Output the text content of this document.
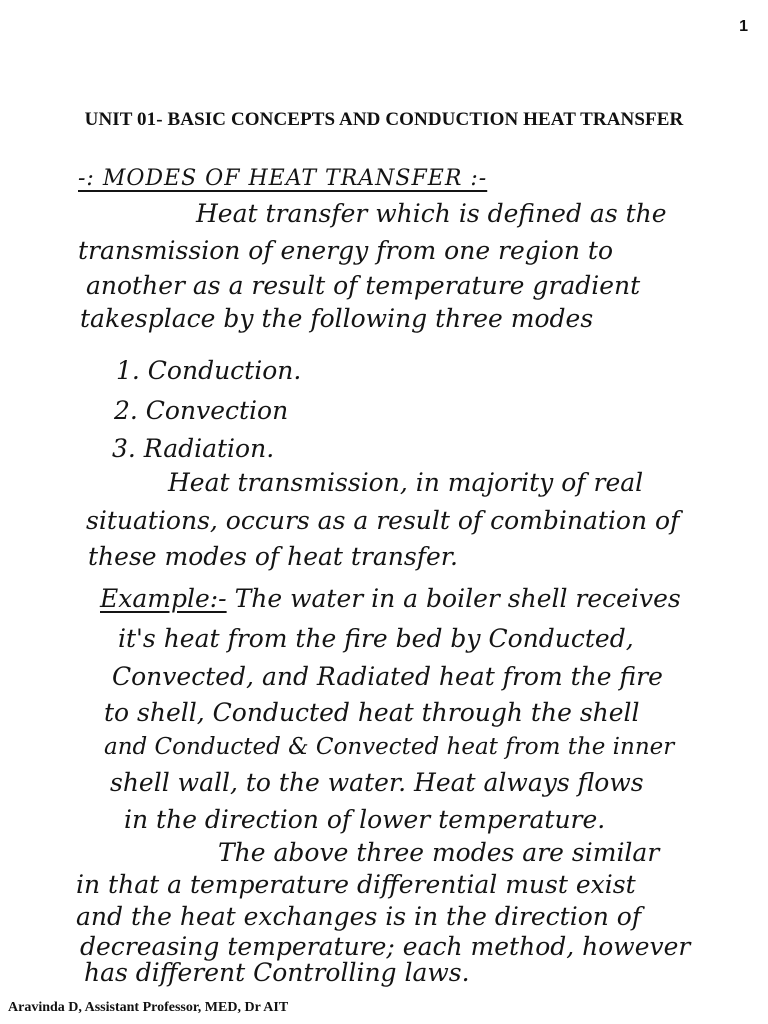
1
UNIT 01- BASIC CONCEPTS AND CONDUCTION HEAT TRANSFER
-: MODES OF HEAT TRANSFER :-
Heat transfer which is defined as the
transmission of energy from one region to
another as a result of temperature gradient
takesplace by the following three modes
1. Conduction.
2. Convection
3. Radiation.
Heat transmission, in majority of real
situations, occurs as a result of combination of
these modes of heat transfer.
Example:- The water in a boiler shell receives
it's heat from the fire bed by Conducted,
Convected, and Radiated heat from the fire
to shell, Conducted heat through the shell
and Conducted & Convected heat from the inner
shell wall, to the water. Heat always flows
in the direction of lower temperature.
The above three modes are similar
in that a temperature differential must exist
and the heat exchanges is in the direction of
decreasing temperature; each method, however
has different Controlling laws.
Aravinda D, Assistant Professor, MED, Dr AIT
